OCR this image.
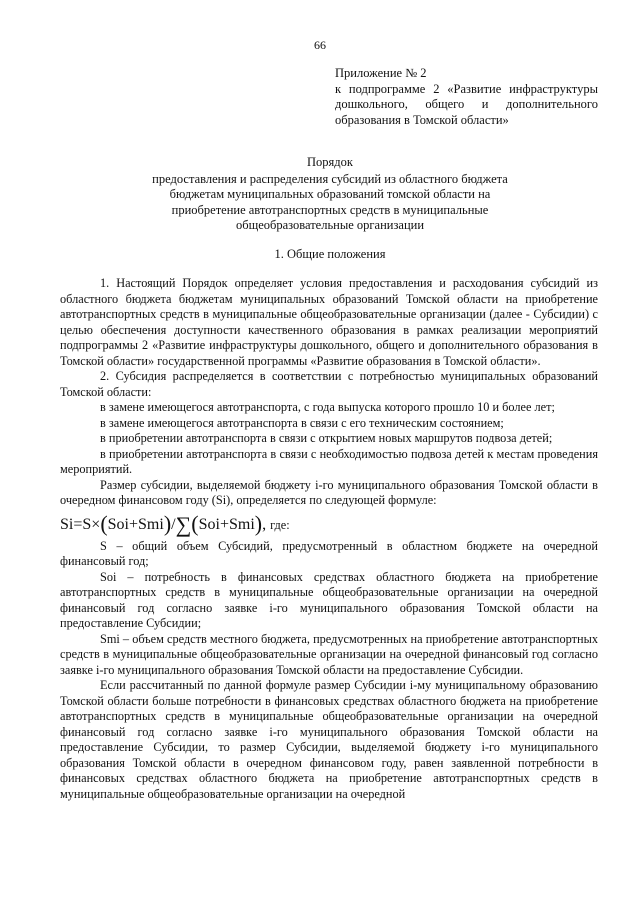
66
Приложение № 2
к подпрограмме 2 «Развитие инфраструктуры
дошкольного, общего и дополнительного
образования в Томской области»
Порядок
предоставления и распределения субсидий из областного бюджета
бюджетам муниципальных образований томской области на
приобретение автотранспортных средств в муниципальные
общеобразовательные организации
1. Общие положения

1. Настоящий Порядок определяет условия предоставления и расходования субсидий из областного бюджета бюджетам муниципальных образований Томской области на приобретение автотранспортных средств в муниципальные общеобразовательные организации (далее - Субсидии) с целью обеспечения доступности качественного образования в рамках реализации мероприятий подпрограммы 2 «Развитие инфраструктуры дошкольного, общего и дополнительного образования в Томской области» государственной программы «Развитие образования в Томской области».

2. Субсидия распределяется в соответствии с потребностью муниципальных образований Томской области:

в замене имеющегося автотранспорта, с года выпуска которого прошло 10 и более лет;

в замене имеющегося автотранспорта в связи с его техническим состоянием;

в приобретении автотранспорта в связи с открытием новых маршрутов подвоза детей;

в приобретении автотранспорта в связи с необходимостью подвоза детей к местам проведения мероприятий.

Размер субсидии, выделяемой бюджету i-го муниципального образования Томской области в очередном финансовом году (Si), определяется по следующей формуле:

Si=S×(Soi+Smi)/∑(Soi+Smi), где:

S – общий объем Субсидий, предусмотренный в областном бюджете на очередной финансовый год;

Soi – потребность в финансовых средствах областного бюджета на приобретение автотранспортных средств в муниципальные общеобразовательные организации на очередной финансовый год согласно заявке i-го муниципального образования Томской области на предоставление Субсидии;

Smi – объем средств местного бюджета, предусмотренных на приобретение автотранспортных средств в муниципальные общеобразовательные организации на очередной финансовый год согласно заявке i-го муниципального образования Томской области на предоставление Субсидии.

Если рассчитанный по данной формуле размер Субсидии i-му муниципальному образованию Томской области больше потребности в финансовых средствах областного бюджета на приобретение автотранспортных средств в муниципальные общеобразовательные организации на очередной финансовый год согласно заявке i-го муниципального образования Томской области на предоставление Субсидии, то размер Субсидии, выделяемой бюджету i-го муниципального образования Томской области в очередном финансовом году, равен заявленной потребности в финансовых средствах областного бюджета на приобретение автотранспортных средств в муниципальные общеобразовательные организации на очередной
